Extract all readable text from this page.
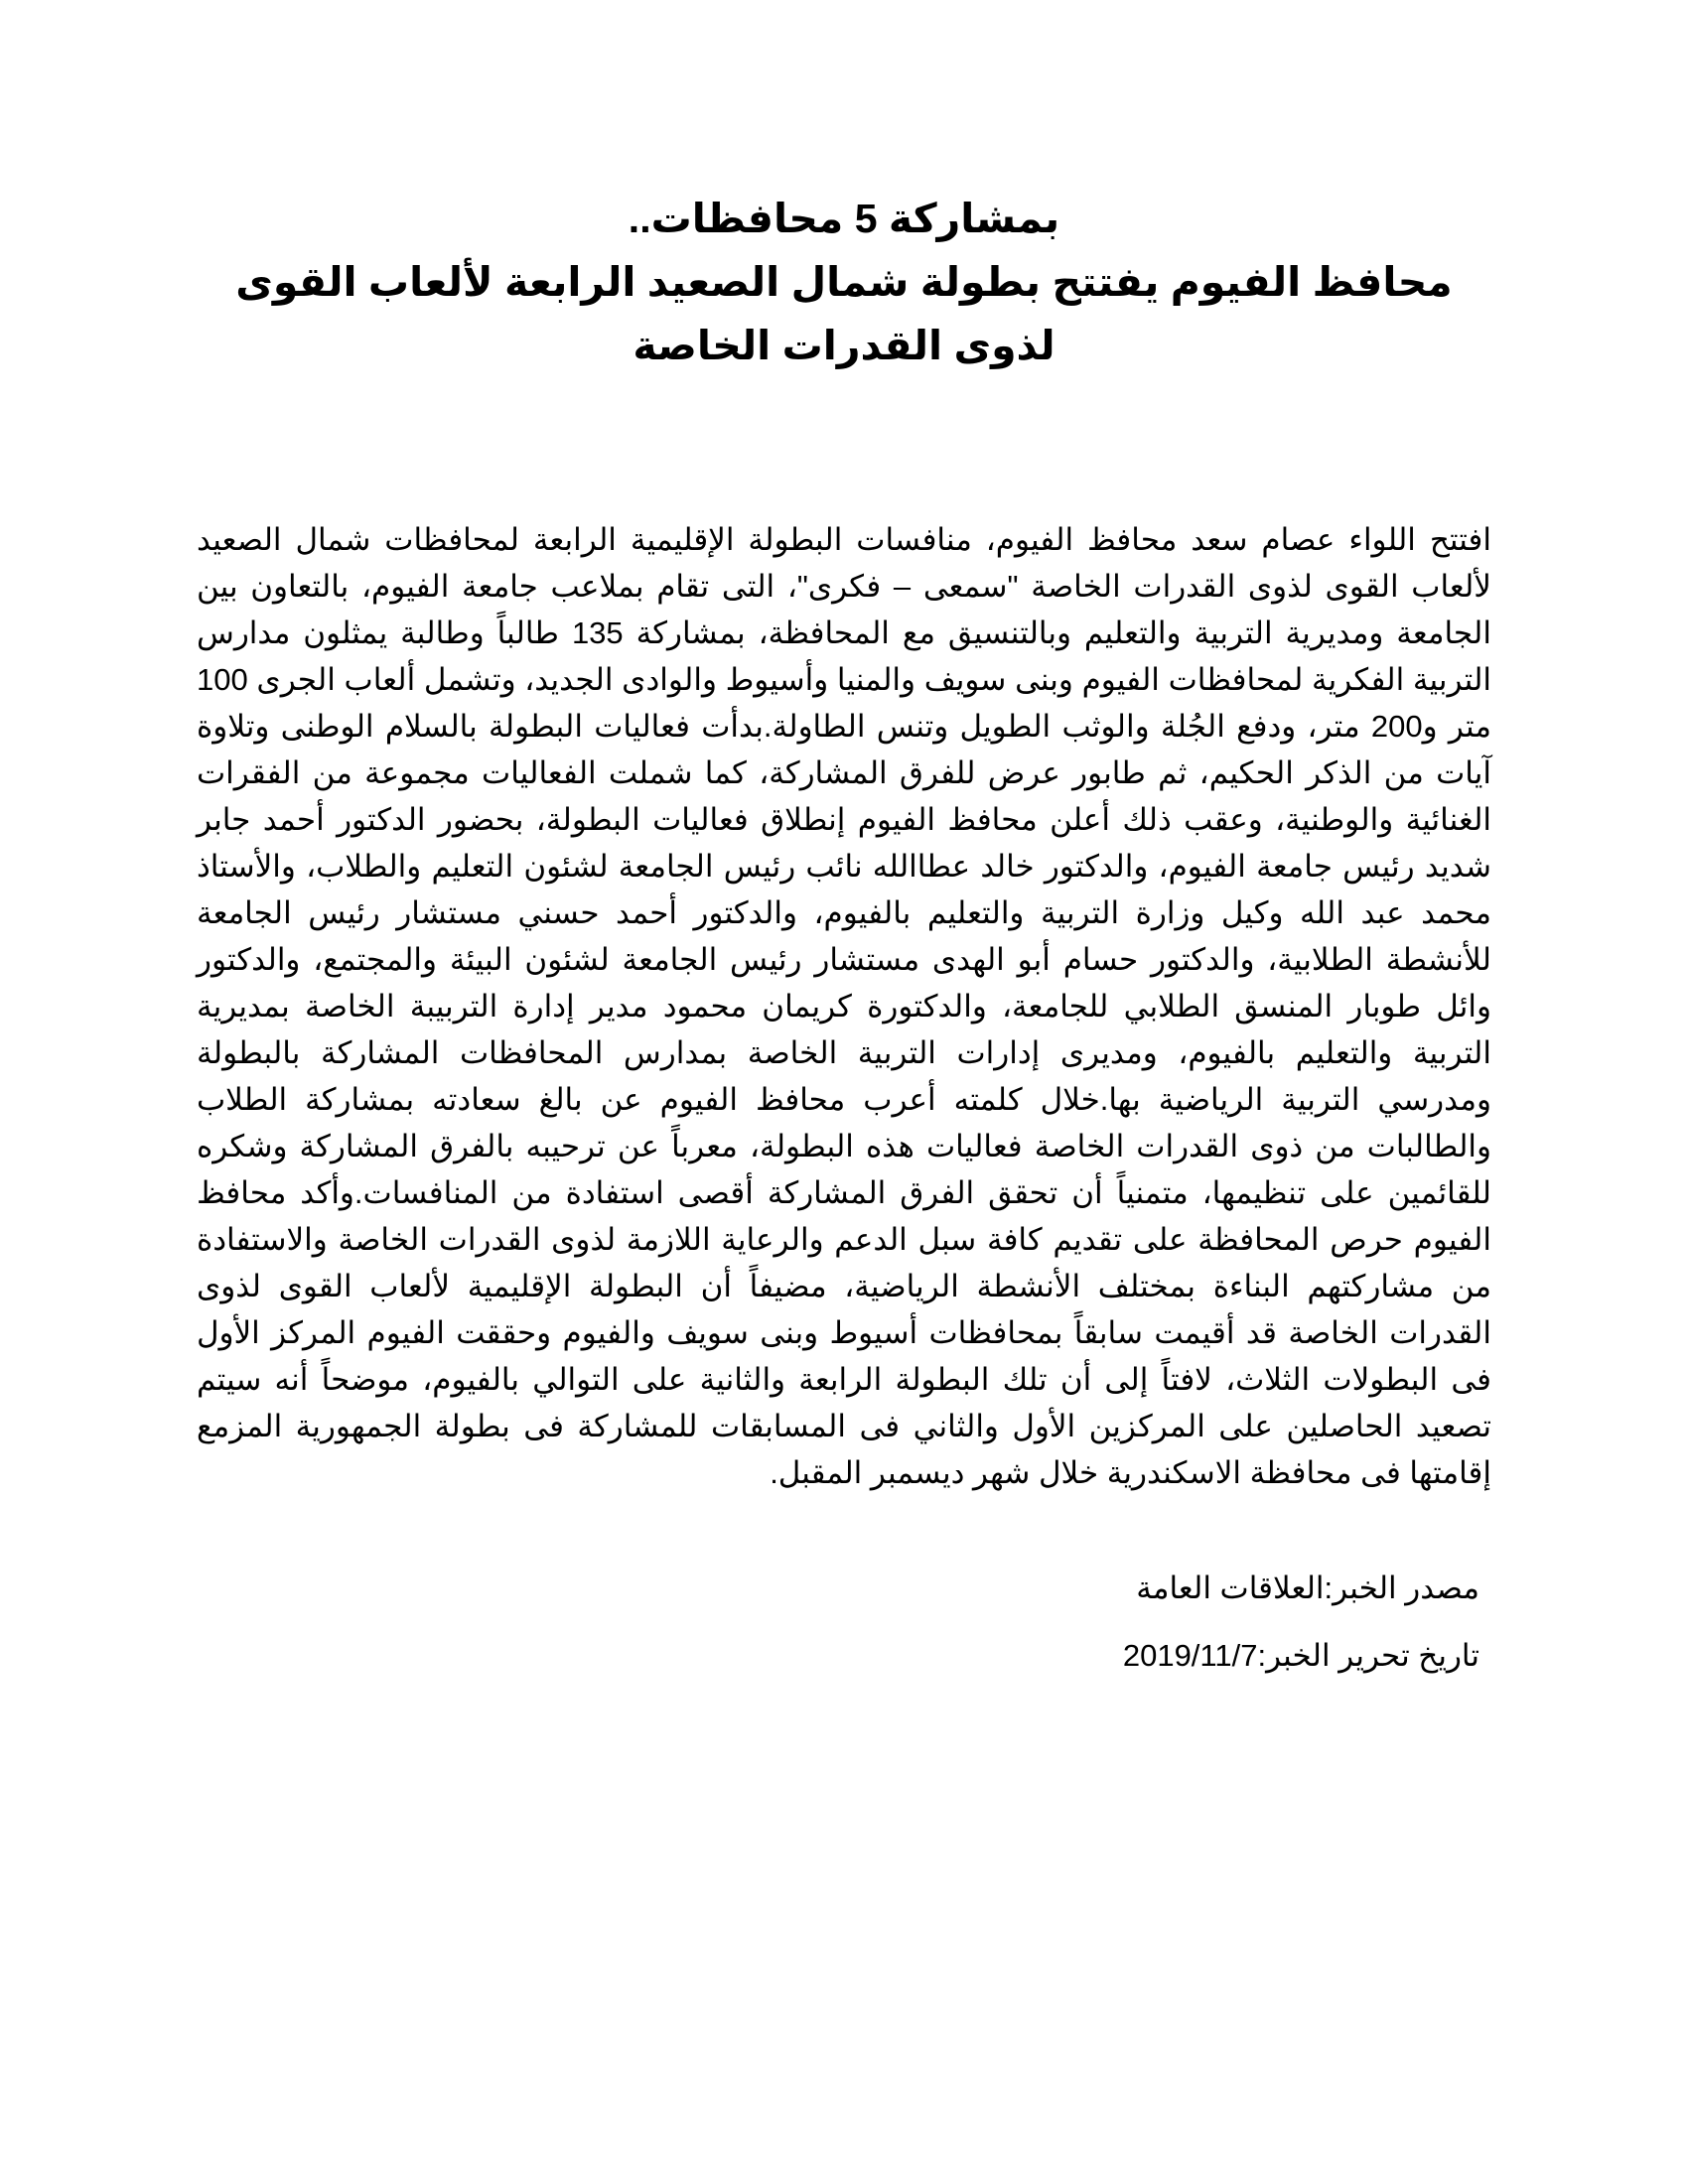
بمشاركة 5 محافظات..
محافظ الفيوم يفتتح بطولة شمال الصعيد الرابعة لألعاب القوى لذوى القدرات الخاصة

افتتح اللواء عصام سعد محافظ الفيوم، منافسات البطولة الإقليمية الرابعة لمحافظات شمال الصعيد لألعاب القوى لذوى القدرات الخاصة "سمعى – فكرى"، التى تقام بملاعب جامعة الفيوم، بالتعاون بين الجامعة ومديرية التربية والتعليم وبالتنسيق مع المحافظة، بمشاركة 135 طالباً وطالبة يمثلون مدارس التربية الفكرية لمحافظات الفيوم وبنى سويف والمنيا وأسيوط والوادى الجديد، وتشمل ألعاب الجرى 100 متر و200 متر، ودفع الجُلة والوثب الطويل وتنس الطاولة.بدأت فعاليات البطولة بالسلام الوطنى وتلاوة آيات من الذكر الحكيم، ثم طابور عرض للفرق المشاركة، كما شملت الفعاليات مجموعة من الفقرات الغنائية والوطنية، وعقب ذلك أعلن محافظ الفيوم إنطلاق فعاليات البطولة، بحضور الدكتور أحمد جابر شديد رئيس جامعة الفيوم، والدكتور خالد عطاالله نائب رئيس الجامعة لشئون التعليم والطلاب، والأستاذ محمد عبد الله وكيل وزارة التربية والتعليم بالفيوم، والدكتور أحمد حسني مستشار رئيس الجامعة للأنشطة الطلابية، والدكتور حسام أبو الهدى مستشار رئيس الجامعة لشئون البيئة والمجتمع، والدكتور وائل طوبار المنسق الطلابي للجامعة، والدكتورة كريمان محمود مدير إدارة التربيبة الخاصة بمديرية التربية والتعليم بالفيوم، ومديرى إدارات التربية الخاصة بمدارس المحافظات المشاركة بالبطولة ومدرسي التربية الرياضية بها.خلال كلمته أعرب محافظ الفيوم عن بالغ سعادته بمشاركة الطلاب والطالبات من ذوى القدرات الخاصة فعاليات هذه البطولة، معرباً عن ترحيبه بالفرق المشاركة وشكره للقائمين على تنظيمها، متمنياً أن تحقق الفرق المشاركة أقصى استفادة من المنافسات.وأكد محافظ الفيوم حرص المحافظة على تقديم كافة سبل الدعم والرعاية اللازمة لذوى القدرات الخاصة والاستفادة من مشاركتهم البناءة بمختلف الأنشطة الرياضية، مضيفاً أن البطولة الإقليمية لألعاب القوى لذوى القدرات الخاصة قد أقيمت سابقاً بمحافظات أسيوط وبنى سويف والفيوم وحققت الفيوم المركز الأول فى البطولات الثلاث، لافتاً إلى أن تلك البطولة الرابعة والثانية على التوالي بالفيوم، موضحاً أنه سيتم تصعيد الحاصلين على المركزين الأول والثاني فى المسابقات للمشاركة فى بطولة الجمهورية المزمع إقامتها فى محافظة الاسكندرية خلال شهر ديسمبر المقبل.

مصدر الخبر:العلاقات العامة

تاريخ تحرير الخبر:2019/11/7
